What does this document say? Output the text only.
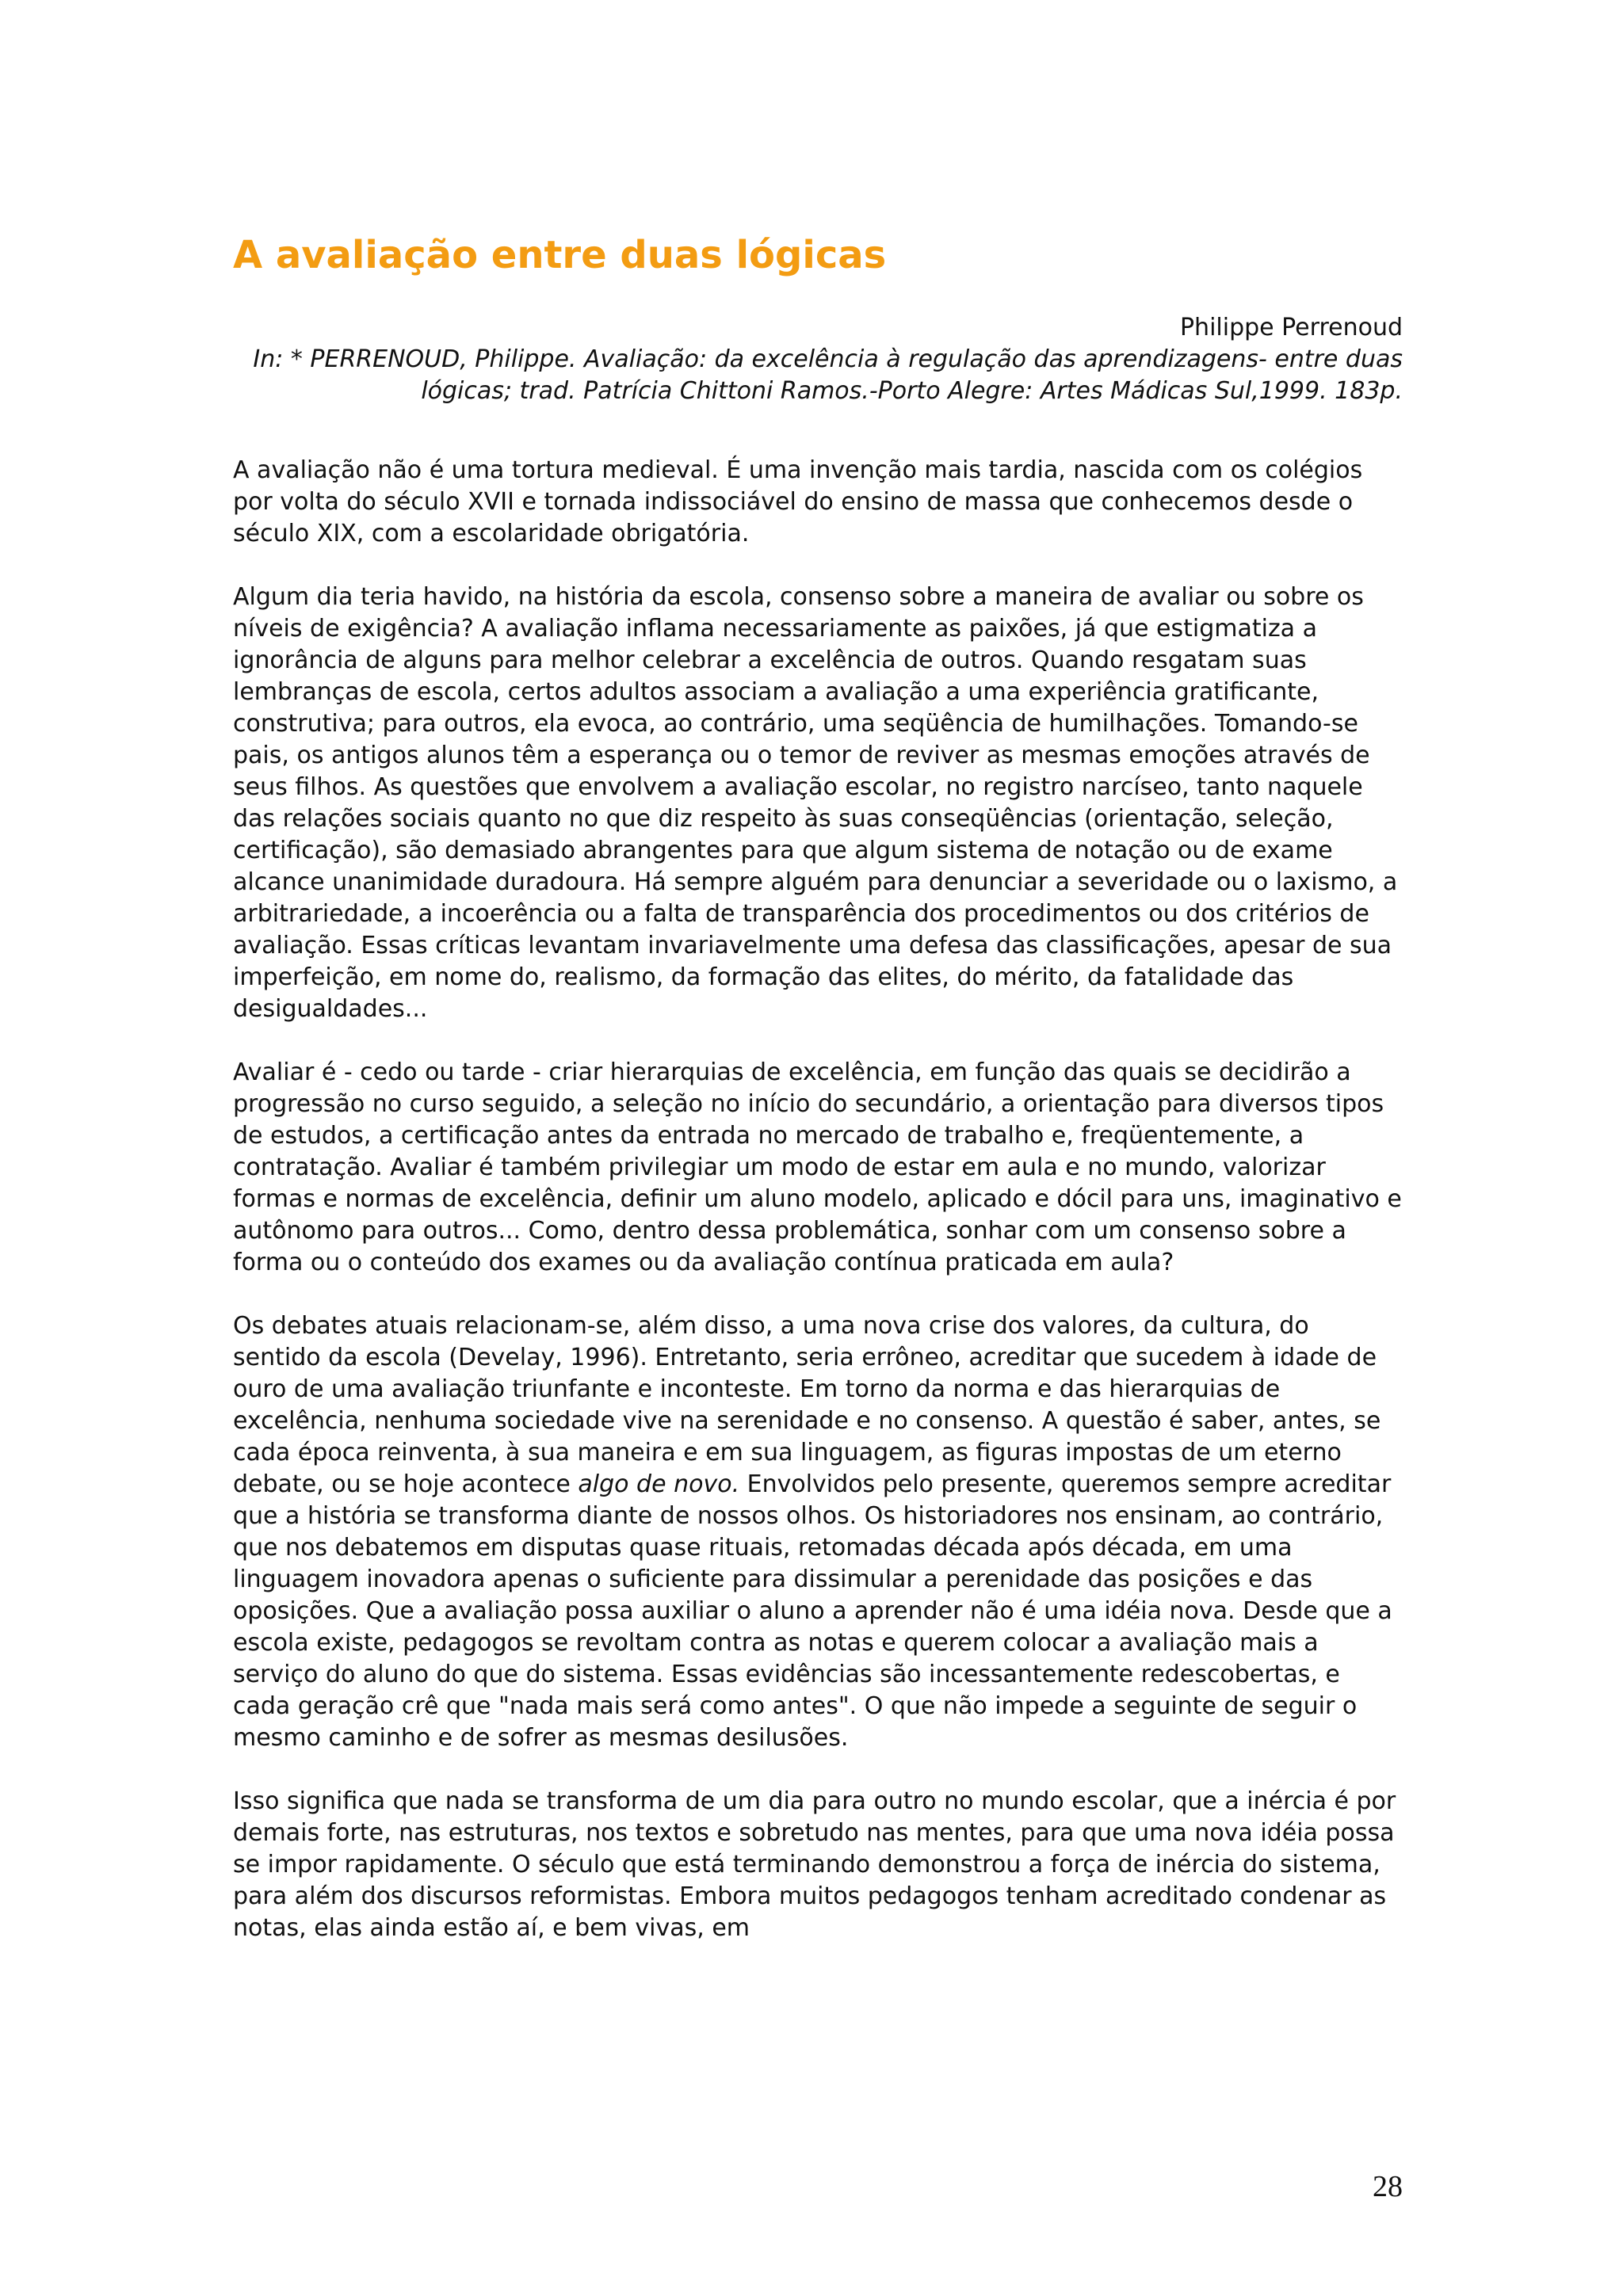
A avaliação entre duas lógicas

Philippe Perrenoud

In: * PERRENOUD, Philippe. Avaliação: da excelência à regulação das aprendizagens- entre duas lógicas; trad. Patrícia Chittoni Ramos.-Porto Alegre: Artes Mádicas Sul,1999. 183p.

A avaliação não é uma tortura medieval. É uma invenção mais tardia, nascida com os colégios por volta do século XVII e tornada indissociável do ensino de massa que conhecemos desde o século XIX, com a escolaridade obrigatória.

Algum dia teria havido, na história da escola, consenso sobre a maneira de avaliar ou sobre os níveis de exigência? A avaliação inflama necessariamente as paixões, já que estigmatiza a ignorância de alguns para melhor celebrar a excelência de outros. Quando resgatam suas lembranças de escola, certos adultos associam a avaliação a uma experiência gratificante, construtiva; para outros, ela evoca, ao contrário, uma seqüência de humilhações. Tomando-se pais, os antigos alunos têm a esperança ou o temor de reviver as mesmas emoções através de seus filhos. As questões que envolvem a avaliação escolar, no registro narcíseo, tanto naquele das relações sociais quanto no que diz respeito às suas conseqüências (orientação, seleção, certificação), são demasiado abrangentes para que algum sistema de notação ou de exame alcance unanimidade duradoura. Há sempre alguém para denunciar a severidade ou o laxismo, a arbitrariedade, a incoerência ou a falta de transparência dos procedimentos ou dos critérios de avaliação. Essas críticas levantam invariavelmente uma defesa das classificações, apesar de sua imperfeição, em nome do, realismo, da formação das elites, do mérito, da fatalidade das desigualdades...

Avaliar é - cedo ou tarde - criar hierarquias de excelência, em função das quais se decidirão a progressão no curso seguido, a seleção no início do secundário, a orientação para diversos tipos de estudos, a certificação antes da entrada no mercado de trabalho e, freqüentemente, a contratação. Avaliar é também privilegiar um modo de estar em aula e no mundo, valorizar formas e normas de excelência, definir um aluno modelo, aplicado e dócil para uns, imaginativo e autônomo para outros... Como, dentro dessa problemática, sonhar com um consenso sobre a forma ou o conteúdo dos exames ou da avaliação contínua praticada em aula?

Os debates atuais relacionam-se, além disso, a uma nova crise dos valores, da cultura, do sentido da escola (Develay, 1996). Entretanto, seria errôneo, acreditar que sucedem à idade de ouro de uma avaliação triunfante e inconteste. Em torno da norma e das hierarquias de excelência, nenhuma sociedade vive na serenidade e no consenso. A questão é saber, antes, se cada época reinventa, à sua maneira e em sua linguagem, as figuras impostas de um eterno debate, ou se hoje acontece algo de novo. Envolvidos pelo presente, queremos sempre acreditar que a história se transforma diante de nossos olhos. Os historiadores nos ensinam, ao contrário, que nos debatemos em disputas quase rituais, retomadas década após década, em uma linguagem inovadora apenas o suficiente para dissimular a perenidade das posições e das oposições. Que a avaliação possa auxiliar o aluno a aprender não é uma idéia nova. Desde que a escola existe, pedagogos se revoltam contra as notas e querem colocar a avaliação mais a serviço do aluno do que do sistema. Essas evidências são incessantemente redescobertas, e cada geração crê que "nada mais será como antes". O que não impede a seguinte de seguir o mesmo caminho e de sofrer as mesmas desilusões.

Isso significa que nada se transforma de um dia para outro no mundo escolar, que a inércia é por demais forte, nas estruturas, nos textos e sobretudo nas mentes, para que uma nova idéia possa se impor rapidamente. O século que está terminando demonstrou a força de inércia do sistema, para além dos discursos reformistas. Embora muitos pedagogos tenham acreditado condenar as notas, elas ainda estão aí, e bem vivas, em

28
